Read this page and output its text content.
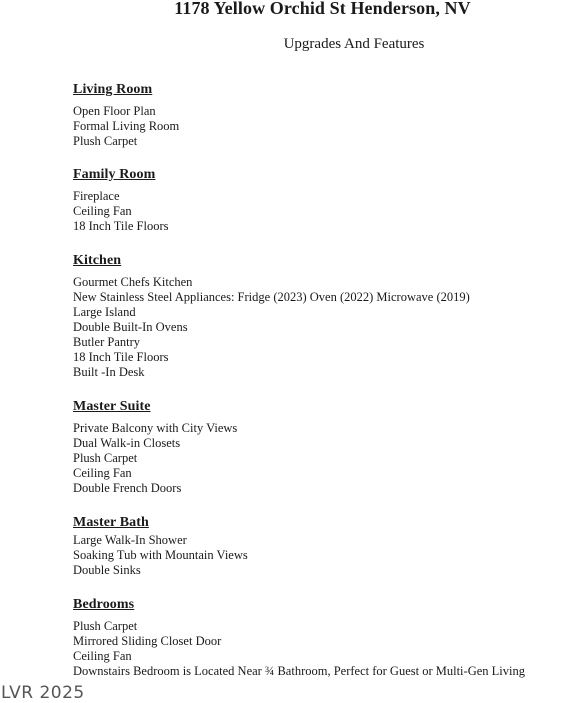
1178 Yellow Orchid St Henderson, NV
Upgrades And Features
Living Room
Open Floor Plan
Formal Living Room
Plush Carpet
Family Room
Fireplace
Ceiling Fan
18 Inch Tile Floors
Kitchen
Gourmet Chefs Kitchen
New Stainless Steel Appliances: Fridge (2023) Oven (2022) Microwave (2019)
Large Island
Double Built-In Ovens
Butler Pantry
18 Inch Tile Floors
Built -In Desk
Master Suite
Private Balcony with City Views
Dual Walk-in Closets
Plush Carpet
Ceiling Fan
Double French Doors
Master Bath
Large Walk-In Shower
Soaking Tub with Mountain Views
Double Sinks
Bedrooms
Plush Carpet
Mirrored Sliding Closet Door
Ceiling Fan
Downstairs Bedroom is Located Near ¾ Bathroom, Perfect for Guest or Multi-Gen Living
LVR 2025
